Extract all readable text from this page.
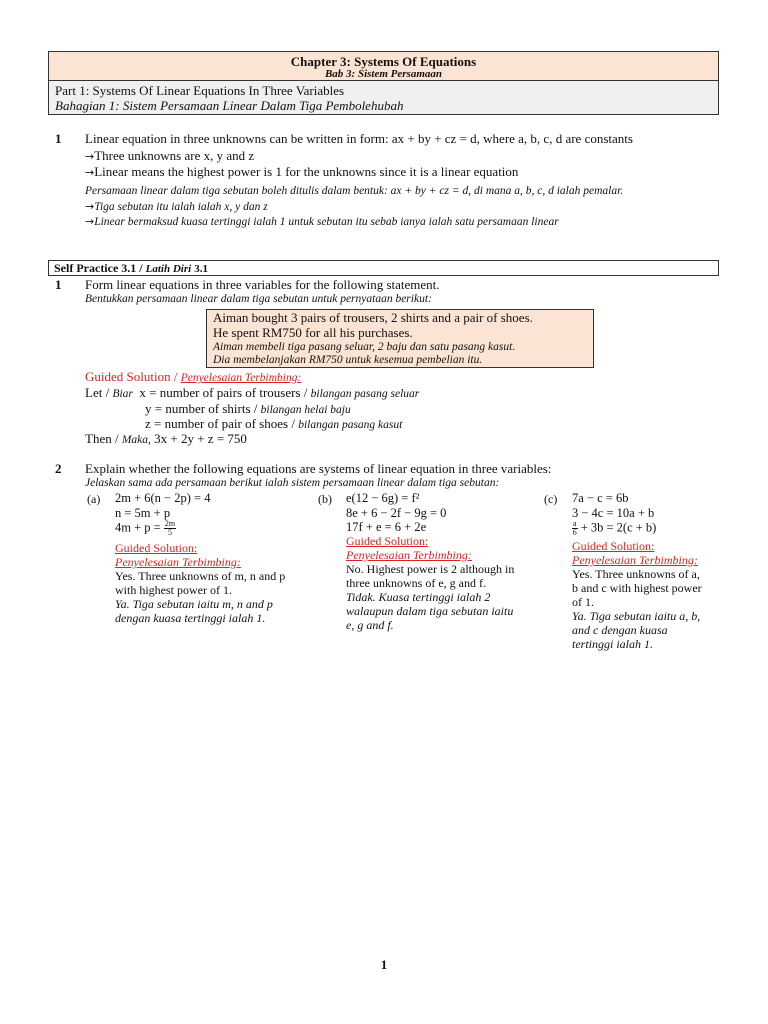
Chapter 3: Systems Of Equations
Bab 3: Sistem Persamaan
Part 1: Systems Of Linear Equations In Three Variables
Bahagian 1: Sistem Persamaan Linear Dalam Tiga Pembolehubah
1 Linear equation in three unknowns can be written in form: ax + by + cz = d, where a, b, c, d are constants
→Three unknowns are x, y and z
→Linear means the highest power is 1 for the unknowns since it is a linear equation
Persamaan linear dalam tiga sebutan boleh ditulis dalam bentuk: ax + by + cz = d, di mana a, b, c, d ialah pemalar.
→Tiga sebutan itu ialah ialah x, y dan z
→Linear bermaksud kuasa tertinggi ialah 1 untuk sebutan itu sebab ianya ialah satu persamaan linear
Self Practice 3.1 / Latih Diri 3.1
1 Form linear equations in three variables for the following statement.
Bentukkan persamaan linear dalam tiga sebutan untuk pernyataan berikut:
Aiman bought 3 pairs of trousers, 2 shirts and a pair of shoes.
He spent RM750 for all his purchases.
Aiman membeli tiga pasang seluar, 2 baju dan satu pasang kasut.
Dia membelanjakan RM750 untuk kesemua pembelian itu.
Guided Solution / Penyelesaian Terbimbing:
Let / Biar x = number of pairs of trousers / bilangan pasang seluar
y = number of shirts / bilangan helai baju
z = number of pair of shoes / bilangan pasang kasut
Then / Maka, 3x + 2y + z = 750
2 Explain whether the following equations are systems of linear equation in three variables:
Jelaskan sama ada persamaan berikut ialah sistem persamaan linear dalam tiga sebutan:
(a) 2m + 6(n − 2p) = 4
n = 5m + p
$4m + p = \frac{2m}{5}$
Guided Solution:
Penyelesaian Terbimbing:
Yes. Three unknowns of m, n and p
with highest power of 1.
Ya. Tiga sebutan iaitu m, n and p
dengan kuasa tertinggi ialah 1.
(b) e(12 − 6g) = f²
8e + 6 − 2f − 9g = 0
17f + e = 6 + 2e
Guided Solution:
Penyelesaian Terbimbing:
No. Highest power is 2 although in
three unknowns of e, g and f.
Tidak. Kuasa tertinggi ialah 2
walaupun dalam tiga sebutan iaitu
e, g and f.
(c) 7a − c = 6b
3 − 4c = 10a + b
$\frac{a}{6} + 3b = 2(c + b)$
Guided Solution:
Penyelesaian Terbimbing:
Yes. Three unknowns of a,
b and c with highest power
of 1.
Ya. Tiga sebutan iaitu a, b,
and c dengan kuasa
tertinggi ialah 1.
1
